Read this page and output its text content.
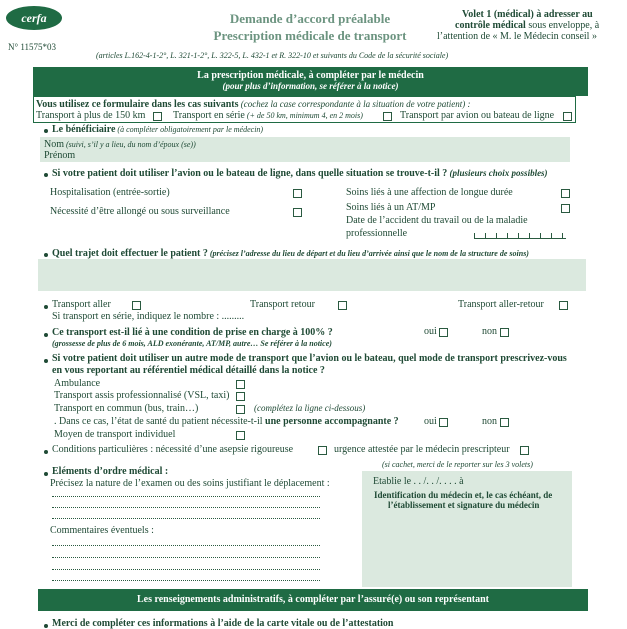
cerfa
N° 11575*03
Demande d’accord préalable
Prescription médicale de transport
Volet 1 (médical) à adresser au
contrôle médical sous enveloppe, à
l’attention de « M. le Médecin conseil »
(articles L.162-4-1-2°, L. 321-1-2°, L. 322-5, L. 432-1 et R. 322-10 et suivants du Code de la sécurité sociale)
La prescription médicale, à compléter par le médecin
(pour plus d’information, se référer à la notice)
Vous utilisez ce formulaire dans les cas suivants (cochez la case correspondante à la situation de votre patient) :
Transport à plus de 150 km	Transport en série (+ de 50 km, minimum 4, en 2 mois)	Transport par avion ou bateau de ligne
Le bénéficiaire (à compléter obligatoirement par le médecin)
Nom (suivi, s’il y a lieu, du nom d’époux (se))
Prénom
Si votre patient doit utiliser l’avion ou le bateau de ligne, dans quelle situation se trouve-t-il ? (plusieurs choix possibles)
Hospitalisation (entrée-sortie)
Nécessité d’être allongé ou sous surveillance
Soins liés à une affection de longue durée
Soins liés à un AT/MP
Date de l’accident du travail ou de la maladie
professionnelle
Quel trajet doit effectuer le patient ? (précisez l’adresse du lieu de départ et du lieu d’arrivée ainsi que le nom de la structure de soins)
Transport aller	Transport retour	Transport aller-retour
Si transport en série, indiquez le nombre : .........
Ce transport est-il lié à une condition de prise en charge à 100% ?
(grossesse de plus de 6 mois, ALD exonérante, AT/MP, autre… Se référer à la notice)
oui	non
Si votre patient doit utiliser un autre mode de transport que l’avion ou le bateau, quel mode de transport prescrivez-vous
en vous reportant au référentiel médical détaillé dans la notice ?
Ambulance
Transport assis professionnalisé (VSL, taxi)
Transport en commun (bus, train…)	(complétez la ligne ci-dessous)
. Dans ce cas, l’état de santé du patient nécessite-t-il une personne accompagnante ?	oui	non
Moyen de transport individuel
Conditions particulières : nécessité d’une asepsie rigoureuse	urgence attestée par le médecin prescripteur
(si cachet, merci de le reporter sur les 3 volets)
Eléments d’ordre médical :
Précisez la nature de l’examen ou des soins justifiant le déplacement :
Commentaires éventuels :
Etablie le . . /. . /. . . . à
Identification du médecin et, le cas échéant, de
l’établissement et signature du médecin
Les renseignements administratifs, à compléter par l’assuré(e) ou son représentant
Merci de compléter ces informations à l’aide de la carte vitale ou de l’attestation
